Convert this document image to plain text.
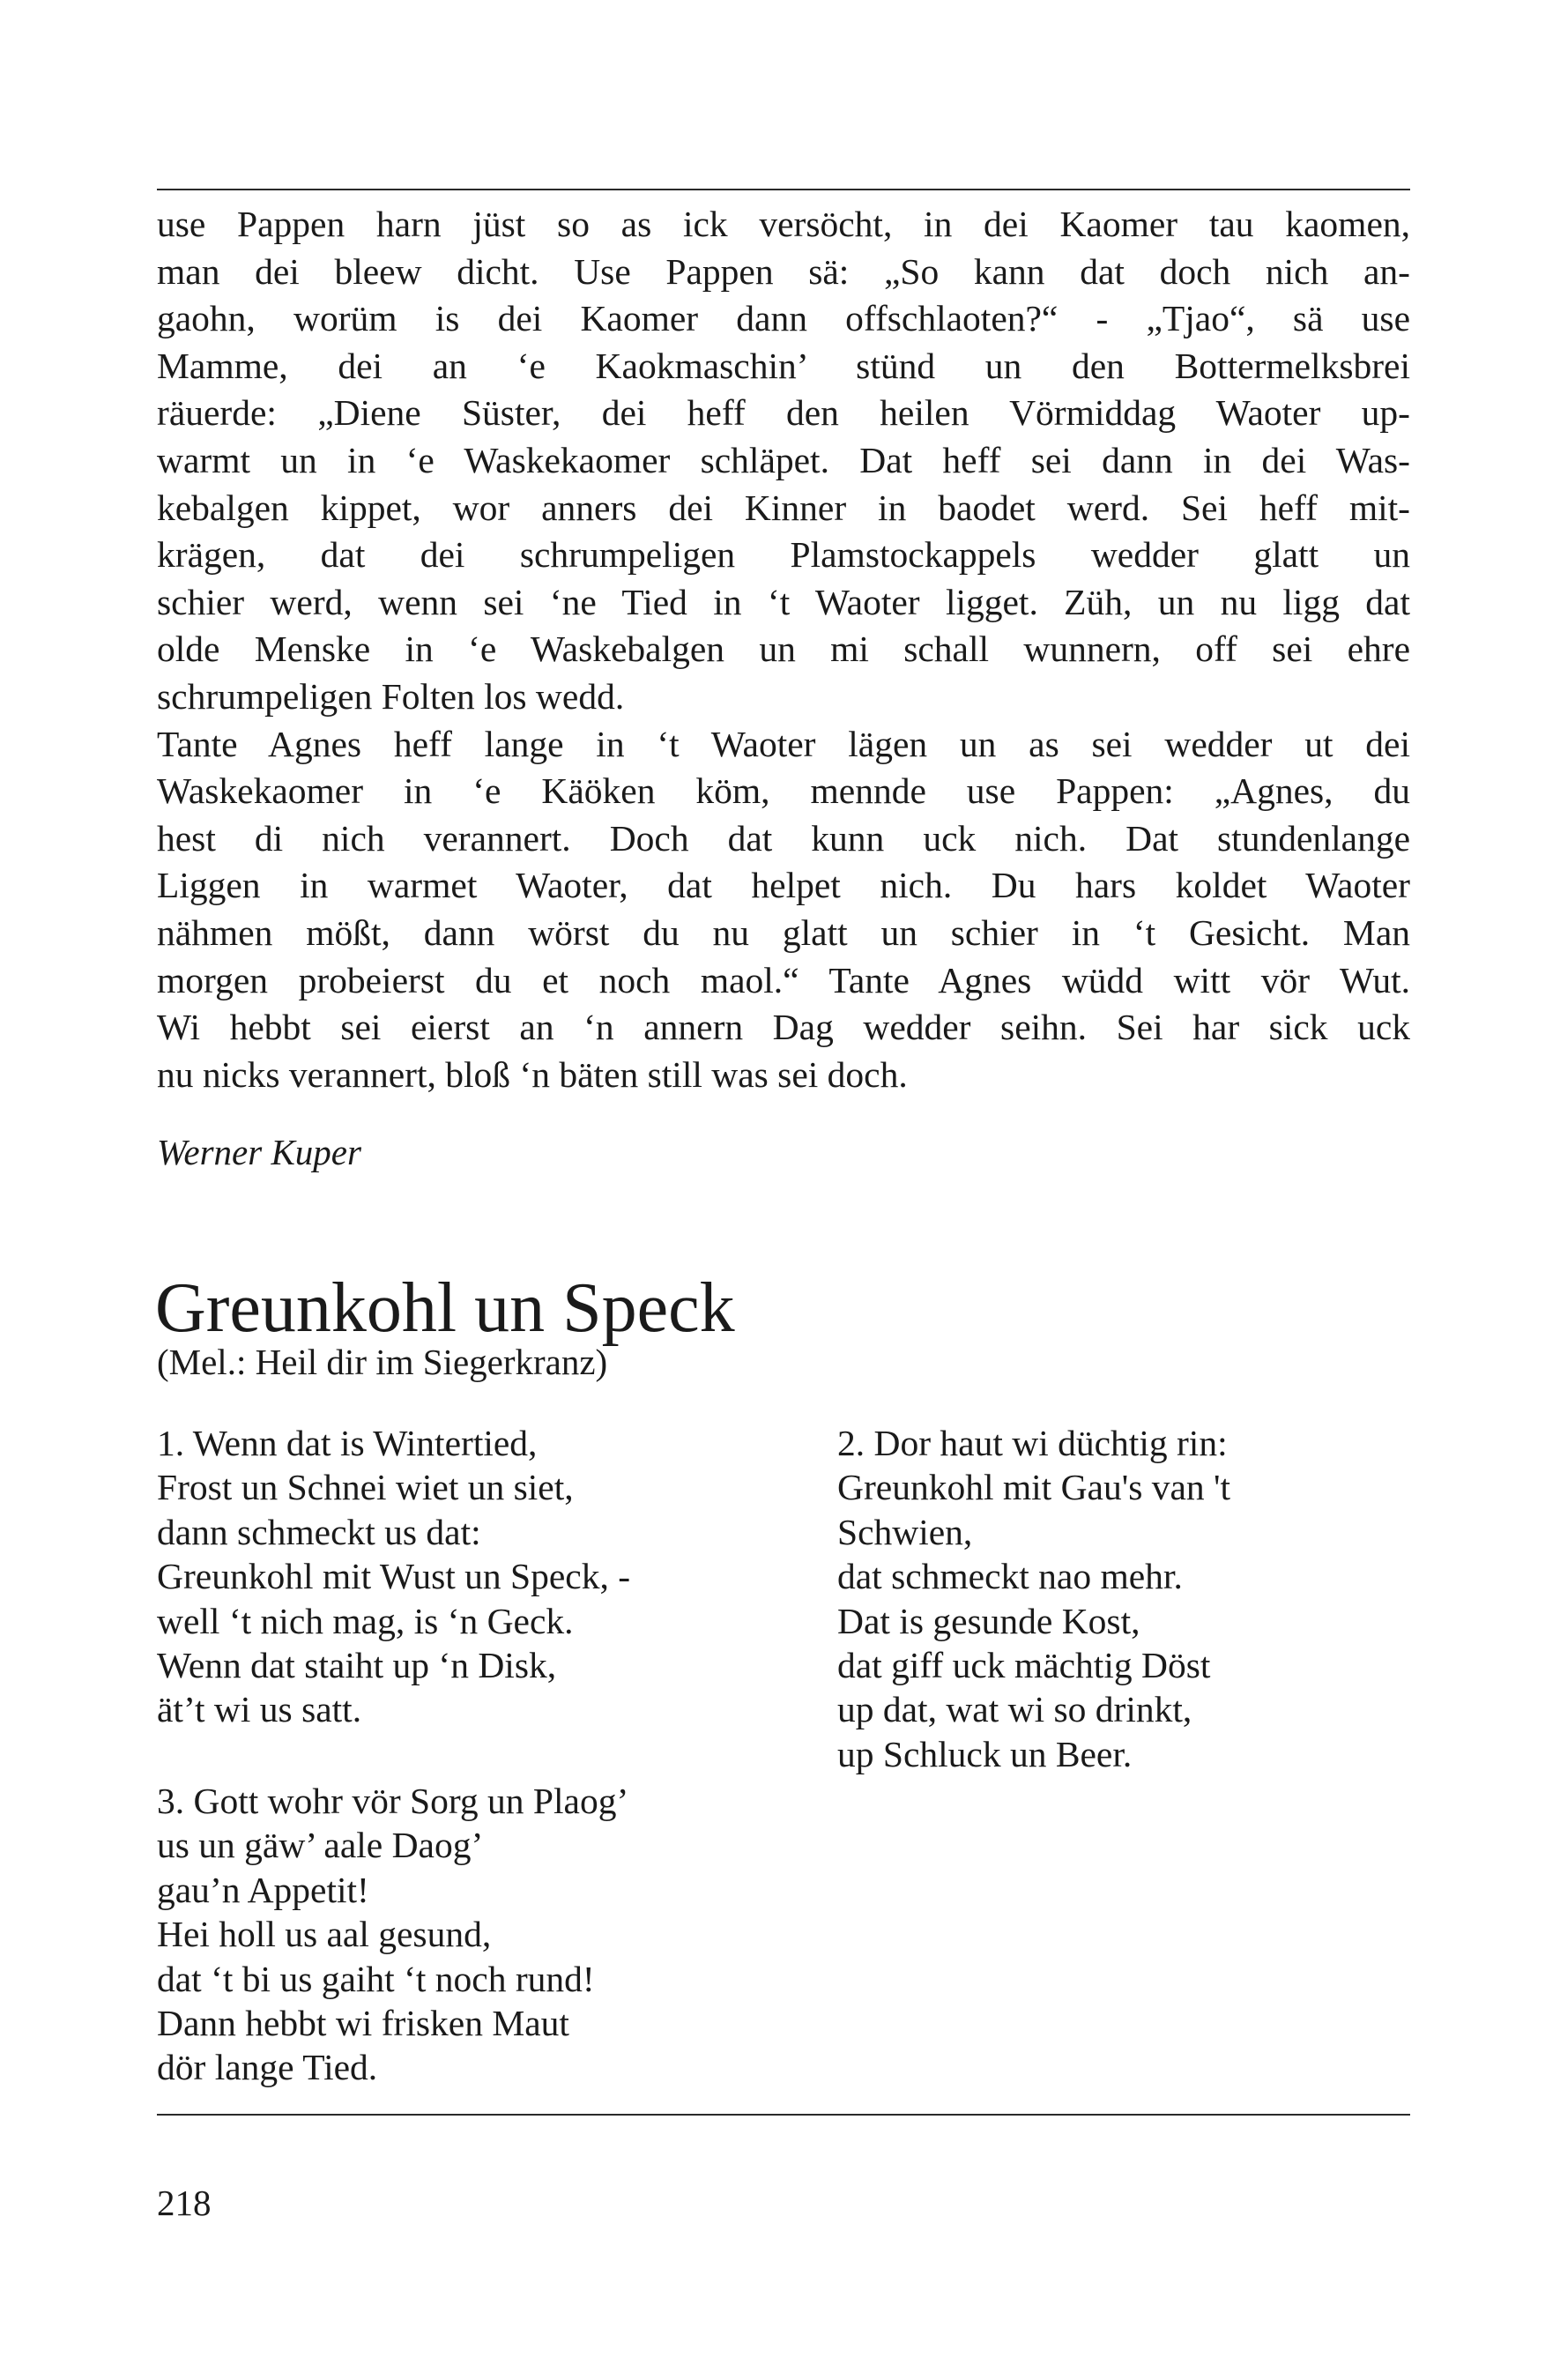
use Pappen harn jüst so as ick versöcht, in dei Kaomer tau kaomen,
man dei bleew dicht. Use Pappen sä: „So kann dat doch nich an-
gaohn, worüm is dei Kaomer dann offschlaoten?“ - „Tjao“, sä use
Mamme, dei an ‘e Kaokmaschin’ stünd un den Bottermelksbrei
räuerde: „Diene Süster, dei heff den heilen Vörmiddag Waoter up-
warmt un in ‘e Waskekaomer schläpet. Dat heff sei dann in dei Was-
kebalgen kippet, wor anners dei Kinner in baodet werd. Sei heff mit-
krägen, dat dei schrumpeligen Plamstockappels wedder glatt un
schier werd, wenn sei ‘ne Tied in ‘t Waoter ligget. Züh, un nu ligg dat
olde Menske in ‘e Waskebalgen un mi schall wunnern, off sei ehre
schrumpeligen Folten los wedd.
Tante Agnes heff lange in ‘t Waoter lägen un as sei wedder ut dei
Waskekaomer in ‘e Käöken köm, mennde use Pappen: „Agnes, du
hest di nich verannert. Doch dat kunn uck nich. Dat stundenlange
Liggen in warmet Waoter, dat helpet nich. Du hars koldet Waoter
nähmen mößt, dann wörst du nu glatt un schier in ‘t Gesicht. Man
morgen probeierst du et noch maol.“ Tante Agnes wüdd witt vör Wut.
Wi hebbt sei eierst an ‘n annern Dag wedder seihn. Sei har sick uck
nu nicks verannert, bloß ‘n bäten still was sei doch.
Werner Kuper
Greunkohl un Speck
(Mel.: Heil dir im Siegerkranz)
1. Wenn dat is Wintertied,
Frost un Schnei wiet un siet,
dann schmeckt us dat:
Greunkohl mit Wust un Speck, -
well ‘t nich mag, is ‘n Geck.
Wenn dat staiht up ‘n Disk,
ät’t wi us satt.
2. Dor haut wi düchtig rin:
Greunkohl mit Gau's van 't
Schwien,
dat schmeckt nao mehr.
Dat is gesunde Kost,
dat giff uck mächtig Döst
up dat, wat wi so drinkt,
up Schluck un Beer.
3. Gott wohr vör Sorg un Plaog’
us un gäw’ aale Daog’
gau’n Appetit!
Hei holl us aal gesund,
dat ‘t bi us gaiht ‘t noch rund!
Dann hebbt wi frisken Maut
dör lange Tied.
218
